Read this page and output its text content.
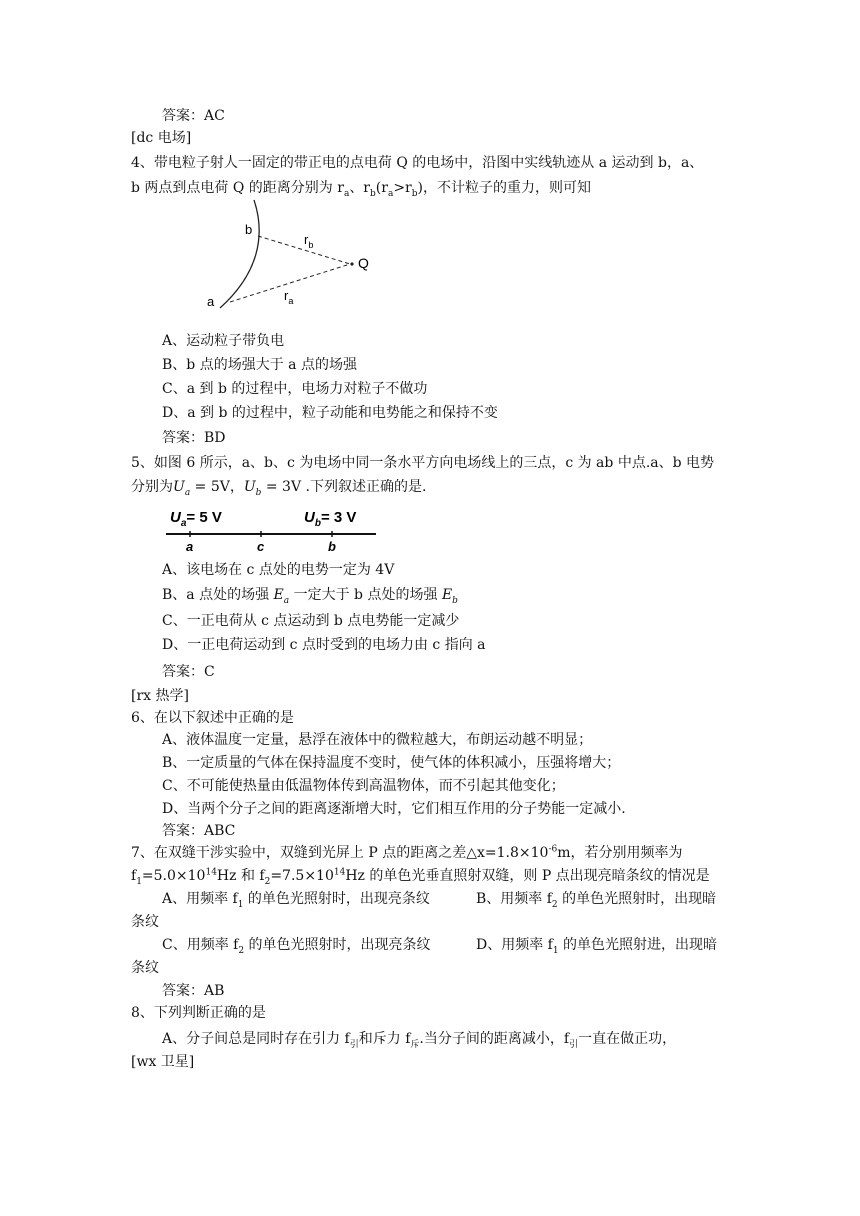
答案：AC
[dc 电场]
4、带电粒子射人一固定的带正电的点电荷 Q 的电场中，沿图中实线轨迹从 a 运动到 b，a、
b 两点到点电荷 Q 的距离分别为 $r_a$、$r_b(r_a>r_b)$，不计粒子的重力，则可知
b
a
Q
$r_b$
$r_a$
A、运动粒子带负电
B、b 点的场强大于 a 点的场强
C、a 到 b 的过程中，电场力对粒子不做功
D、a 到 b 的过程中，粒子动能和电势能之和保持不变
答案：BD
5、如图 6 所示，a、b、c 为电场中同一条水平方向电场线上的三点，c 为 ab 中点.a、b 电势
分别为$U_a = 5V$，$U_b = 3V$ .下列叙述正确的是.
$U_a= 5$ V	$U_b= 3$ V
a	c	b
A、该电场在 c 点处的电势一定为 4V
B、a 点处的场强 $E_a$ 一定大于 b 点处的场强 $E_b$
C、一正电荷从 c 点运动到 b 点电势能一定减少
D、一正电荷运动到 c 点时受到的电场力由 c 指向 a
答案：C
[rx 热学]
6、在以下叙述中正确的是
A、液体温度一定量，悬浮在液体中的微粒越大，布朗运动越不明显；
B、一定质量的气体在保持温度不变时，使气体的体积减小，压强将增大；
C、不可能使热量由低温物体传到高温物体，而不引起其他变化；
D、当两个分子之间的距离逐渐增大时，它们相互作用的分子势能一定减小.
答案：ABC
7、在双缝干涉实验中，双缝到光屏上 P 点的距离之差$\triangle x=1.8\times 10^{-6}m$，若分别用频率为
$f_1=5.0\times 10^{14}Hz$ 和 $f_2=7.5\times 10^{14}Hz$ 的单色光垂直照射双缝，则 P 点出现亮暗条纹的情况是
A、用频率 $f_1$ 的单色光照射时，出现亮条纹	B、用频率 $f_2$ 的单色光照射时，出现暗
条纹
C、用频率 $f_2$ 的单色光照射时，出现亮条纹	D、用频率 $f_1$ 的单色光照射进，出现暗
条纹
答案：AB
8、下列判断正确的是
A、分子间总是同时存在引力 $f_引$和斥力 $f_斥$.当分子间的距离减小，$f_引$一直在做正功，
[wx 卫星]
